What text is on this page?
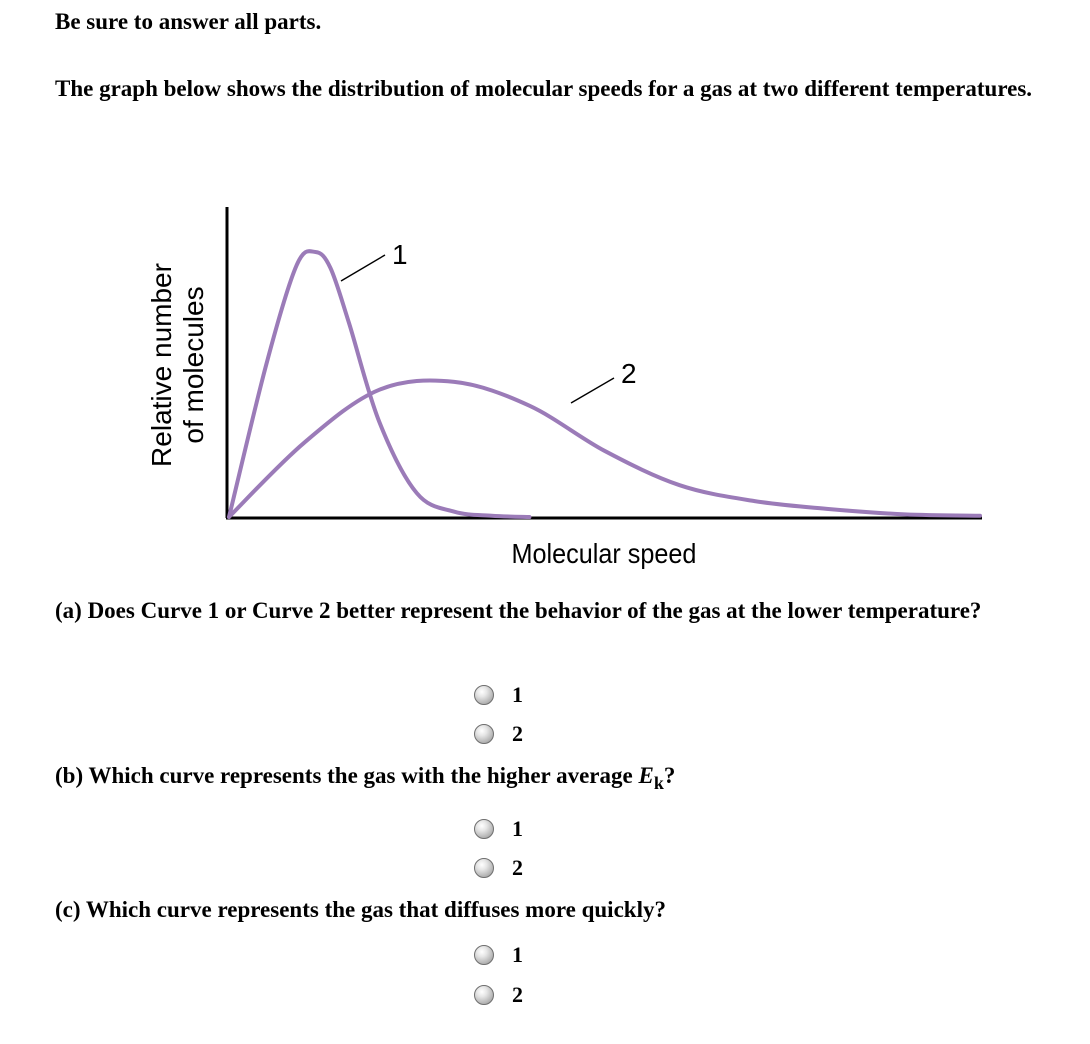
Be sure to answer all parts.
The graph below shows the distribution of molecular speeds for a gas at two different temperatures.
1
2
Relative number of molecules
Molecular speed
(a) Does Curve 1 or Curve 2 better represent the behavior of the gas at the lower temperature?
1
2
(b) Which curve represents the gas with the higher average $E_k$?
1
2
(c) Which curve represents the gas that diffuses more quickly?
1
2
